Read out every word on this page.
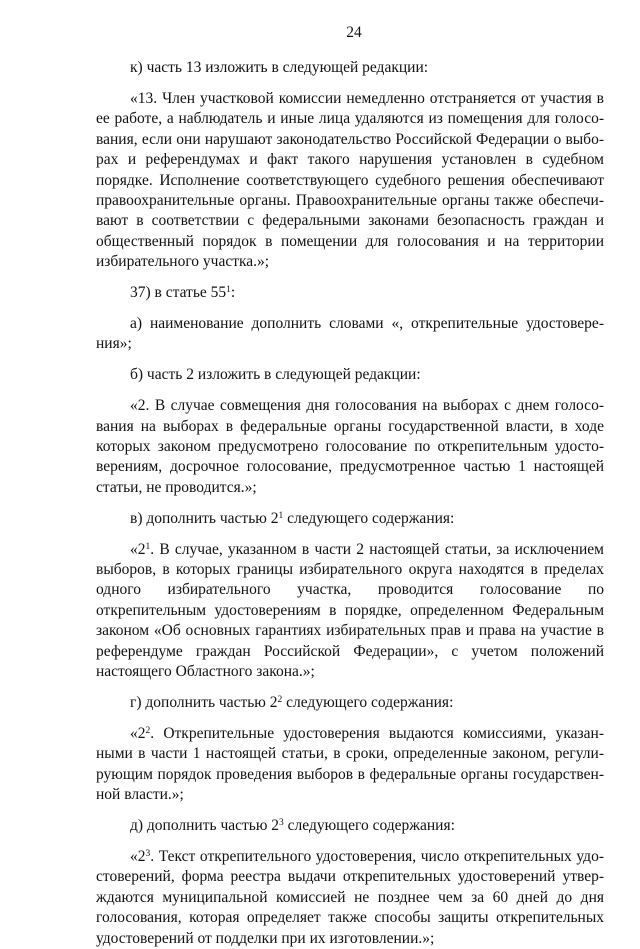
24

к) часть 13 изложить в следующей редакции:

«13. Член участковой комиссии немедленно отстраняется от участия в ее работе, а наблюдатель и иные лица удаляются из помещения для голосования, если они нарушают законодательство Российской Федерации о выборах и референдумах и факт такого нарушения установлен в судебном порядке. Исполнение соответствующего судебного решения обеспечивают правоохранительные органы. Правоохранительные органы также обеспечивают в соответствии с федеральными законами безопасность граждан и общественный порядок в помещении для голосования и на территории избирательного участка.»;

37) в статье $55^1$:

а) наименование дополнить словами «, открепительные удостоверения»;

б) часть 2 изложить в следующей редакции:

«2. В случае совмещения дня голосования на выборах с днем голосования на выборах в федеральные органы государственной власти, в ходе которых законом предусмотрено голосование по открепительным удостоверениям, досрочное голосование, предусмотренное частью 1 настоящей статьи, не проводится.»;

в) дополнить частью $2^1$ следующего содержания:

«$2^1$. В случае, указанном в части 2 настоящей статьи, за исключением выборов, в которых границы избирательного округа находятся в пределах одного избирательного участка, проводится голосование по открепительным удостоверениям в порядке, определенном Федеральным законом «Об основных гарантиях избирательных прав и права на участие в референдуме граждан Российской Федерации», с учетом положений настоящего Областного закона.»;

г) дополнить частью $2^2$ следующего содержания:

«$2^2$. Открепительные удостоверения выдаются комиссиями, указанными в части 1 настоящей статьи, в сроки, определенные законом, регулирующим порядок проведения выборов в федеральные органы государственной власти.»;

д) дополнить частью $2^3$ следующего содержания:

«$2^3$. Текст открепительного удостоверения, число открепительных удостоверений, форма реестра выдачи открепительных удостоверений утверждаются муниципальной комиссией не позднее чем за 60 дней до дня голосования, которая определяет также способы защиты открепительных удостоверений от подделки при их изготовлении.»;
